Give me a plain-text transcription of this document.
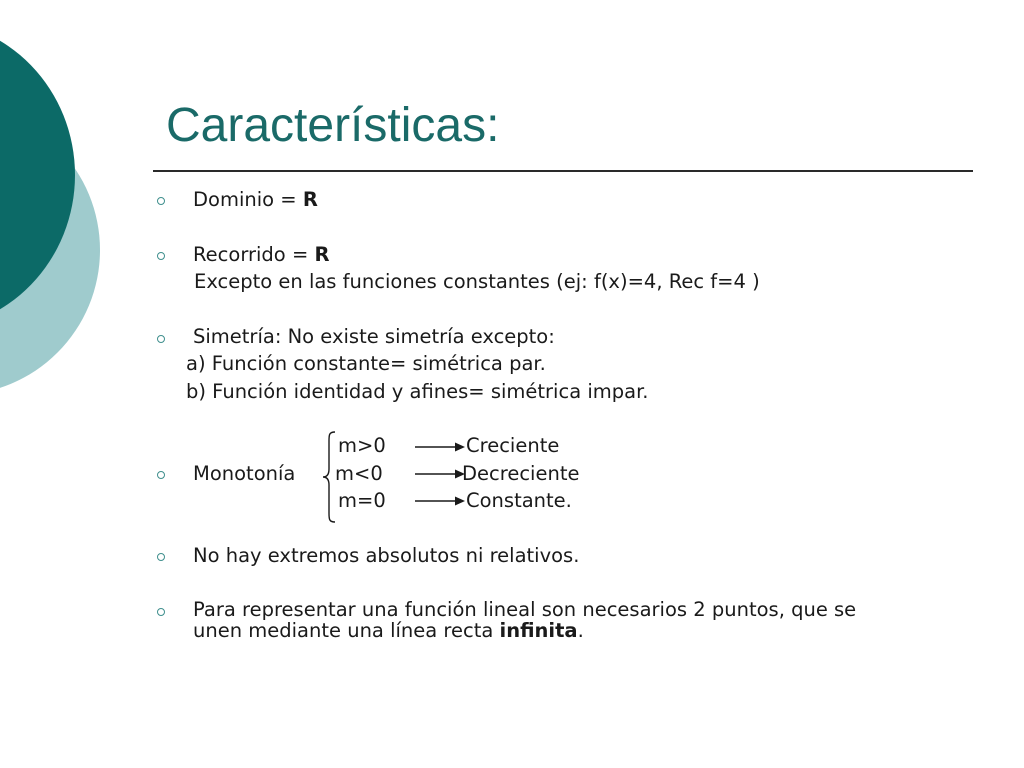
Características:
Dominio = R
Recorrido = R
Excepto en las funciones constantes (ej: f(x)=4, Rec f=4 )
Simetría: No existe simetría excepto:
a) Función constante= simétrica par.
b) Función identidad y afines= simétrica impar.
Monotonía
m>0
m<0
m=0
Creciente
Decreciente
Constante.
No hay extremos absolutos ni relativos.
Para representar una función lineal son necesarios 2 puntos, que se
unen mediante una línea recta infinita.
